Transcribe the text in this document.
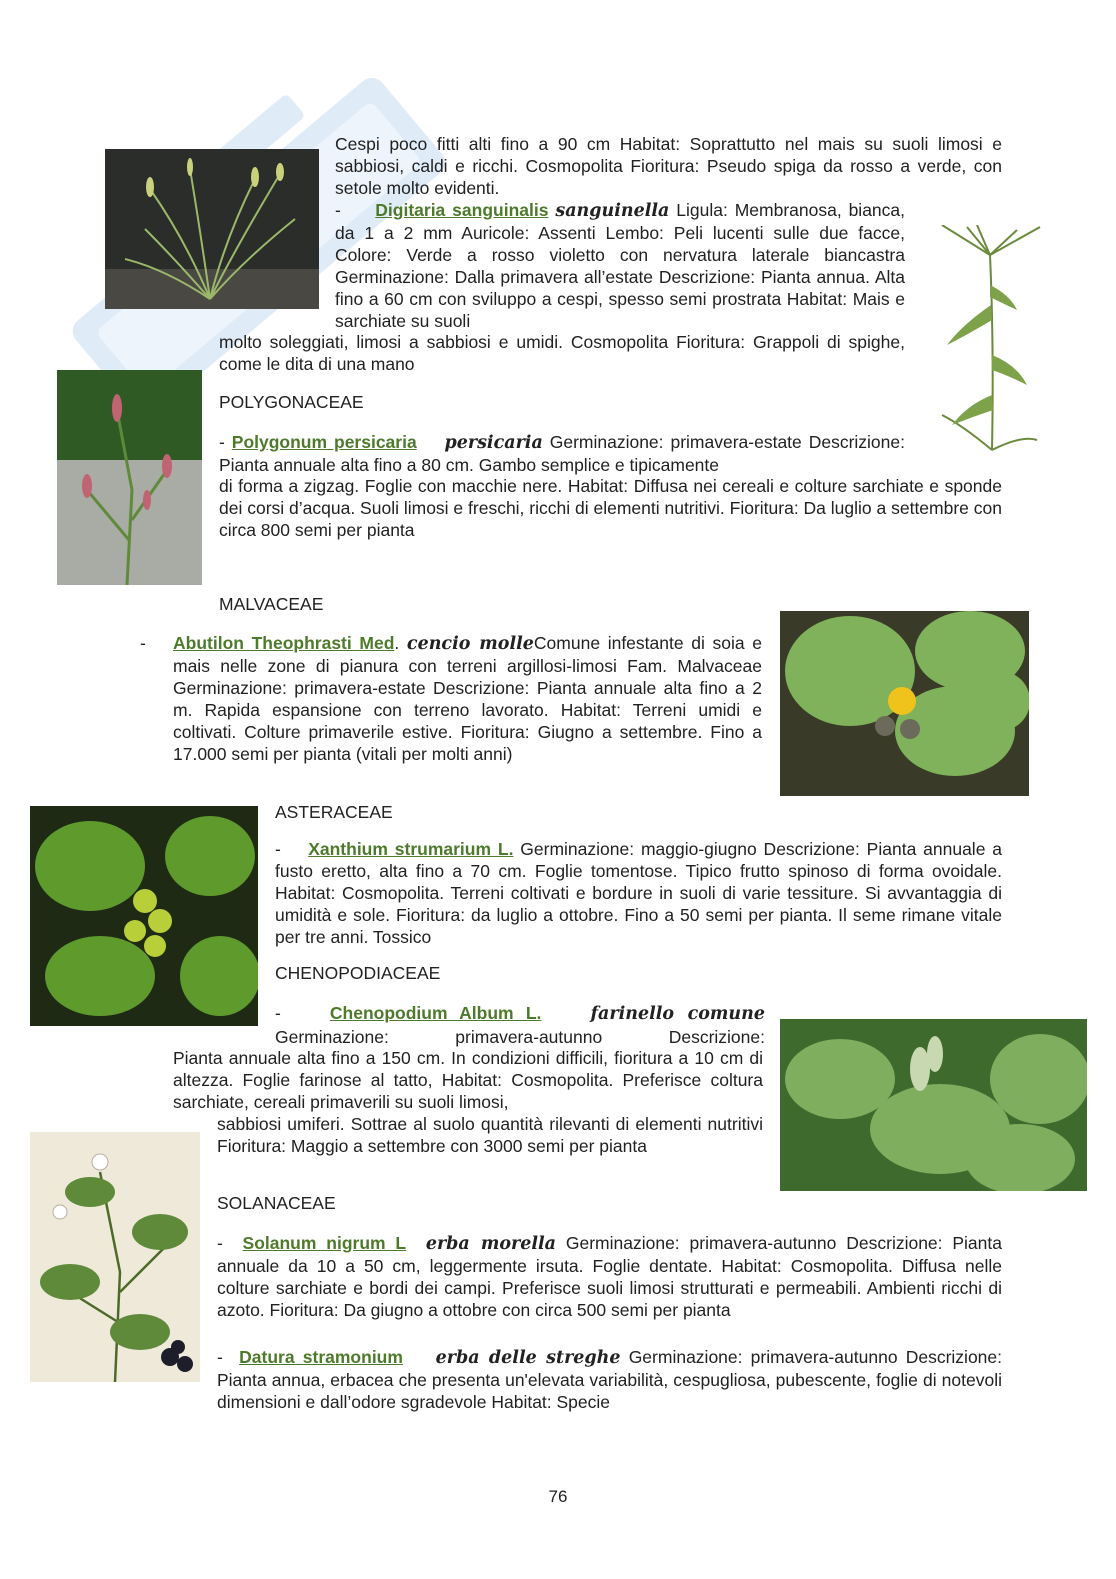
Cespi poco fitti alti fino a 90 cm Habitat: Soprattutto nel mais su suoli limosi e sabbiosi, caldi e ricchi. Cosmopolita Fioritura: Pseudo spiga da rosso a verde, con setole molto evidenti.

- Digitaria sanguinalis sanguinella Ligula: Membranosa, bianca, da 1 a 2 mm Auricole: Assenti Lembo: Peli lucenti sulle due facce, Colore: Verde a rosso violetto con nervatura laterale biancastra Germinazione: Dalla primavera all’estate Descrizione: Pianta annua. Alta fino a 60 cm con sviluppo a cespi, spesso semi prostrata Habitat: Mais e sarchiate su suoli

molto soleggiati, limosi a sabbiosi e umidi. Cosmopolita Fioritura: Grappoli di spighe, come le dita di una mano

POLYGONACEAE

- Polygonum persicaria persicaria Germinazione: primavera-estate Descrizione: Pianta annuale alta fino a 80 cm. Gambo semplice e tipicamente

di forma a zigzag. Foglie con macchie nere. Habitat: Diffusa nei cereali e colture sarchiate e sponde dei corsi d’acqua. Suoli limosi e freschi, ricchi di elementi nutritivi. Fioritura: Da luglio a settembre con circa 800 semi per pianta

MALVACEAE

- Abutilon Theophrasti Med. cencio molleComune infestante di soia e mais nelle zone di pianura con terreni argillosi-limosi Fam. Malvaceae Germinazione: primavera-estate Descrizione: Pianta annuale alta fino a 2 m. Rapida espansione con terreno lavorato. Habitat: Terreni umidi e coltivati. Colture primaverile estive. Fioritura: Giugno a settembre. Fino a 17.000 semi per pianta (vitali per molti anni)

ASTERACEAE

- Xanthium strumarium L. Germinazione: maggio-giugno Descrizione: Pianta annuale a fusto eretto, alta fino a 70 cm. Foglie tomentose. Tipico frutto spinoso di forma ovoidale. Habitat: Cosmopolita. Terreni coltivati e bordure in suoli di varie tessiture. Si avvantaggia di umidità e sole. Fioritura: da luglio a ottobre. Fino a 50 semi per pianta. Il seme rimane vitale per tre anni. Tossico

CHENOPODIACEAE

-	Chenopodium Album L.	farinello comune

Germinazione: primavera-autunno Descrizione:

Pianta annuale alta fino a 150 cm. In condizioni difficili, fioritura a 10 cm di altezza. Foglie farinose al tatto, Habitat: Cosmopolita. Preferisce coltura sarchiate, cereali primaverili su suoli limosi,

sabbiosi umiferi. Sottrae al suolo quantità rilevanti di elementi nutritivi Fioritura: Maggio a settembre con 3000 semi per pianta

SOLANACEAE

- Solanum nigrum L erba morella Germinazione: primavera-autunno Descrizione: Pianta annuale da 10 a 50 cm, leggermente irsuta. Foglie dentate. Habitat: Cosmopolita. Diffusa nelle colture sarchiate e bordi dei campi. Preferisce suoli limosi strutturati e permeabili. Ambienti ricchi di azoto. Fioritura: Da giugno a ottobre con circa 500 semi per pianta

- Datura stramonium erba delle streghe Germinazione: primavera-autunno Descrizione: Pianta annua, erbacea che presenta un'elevata variabilità, cespugliosa, pubescente, foglie di notevoli dimensioni e dall’odore sgradevole Habitat: Specie

76
